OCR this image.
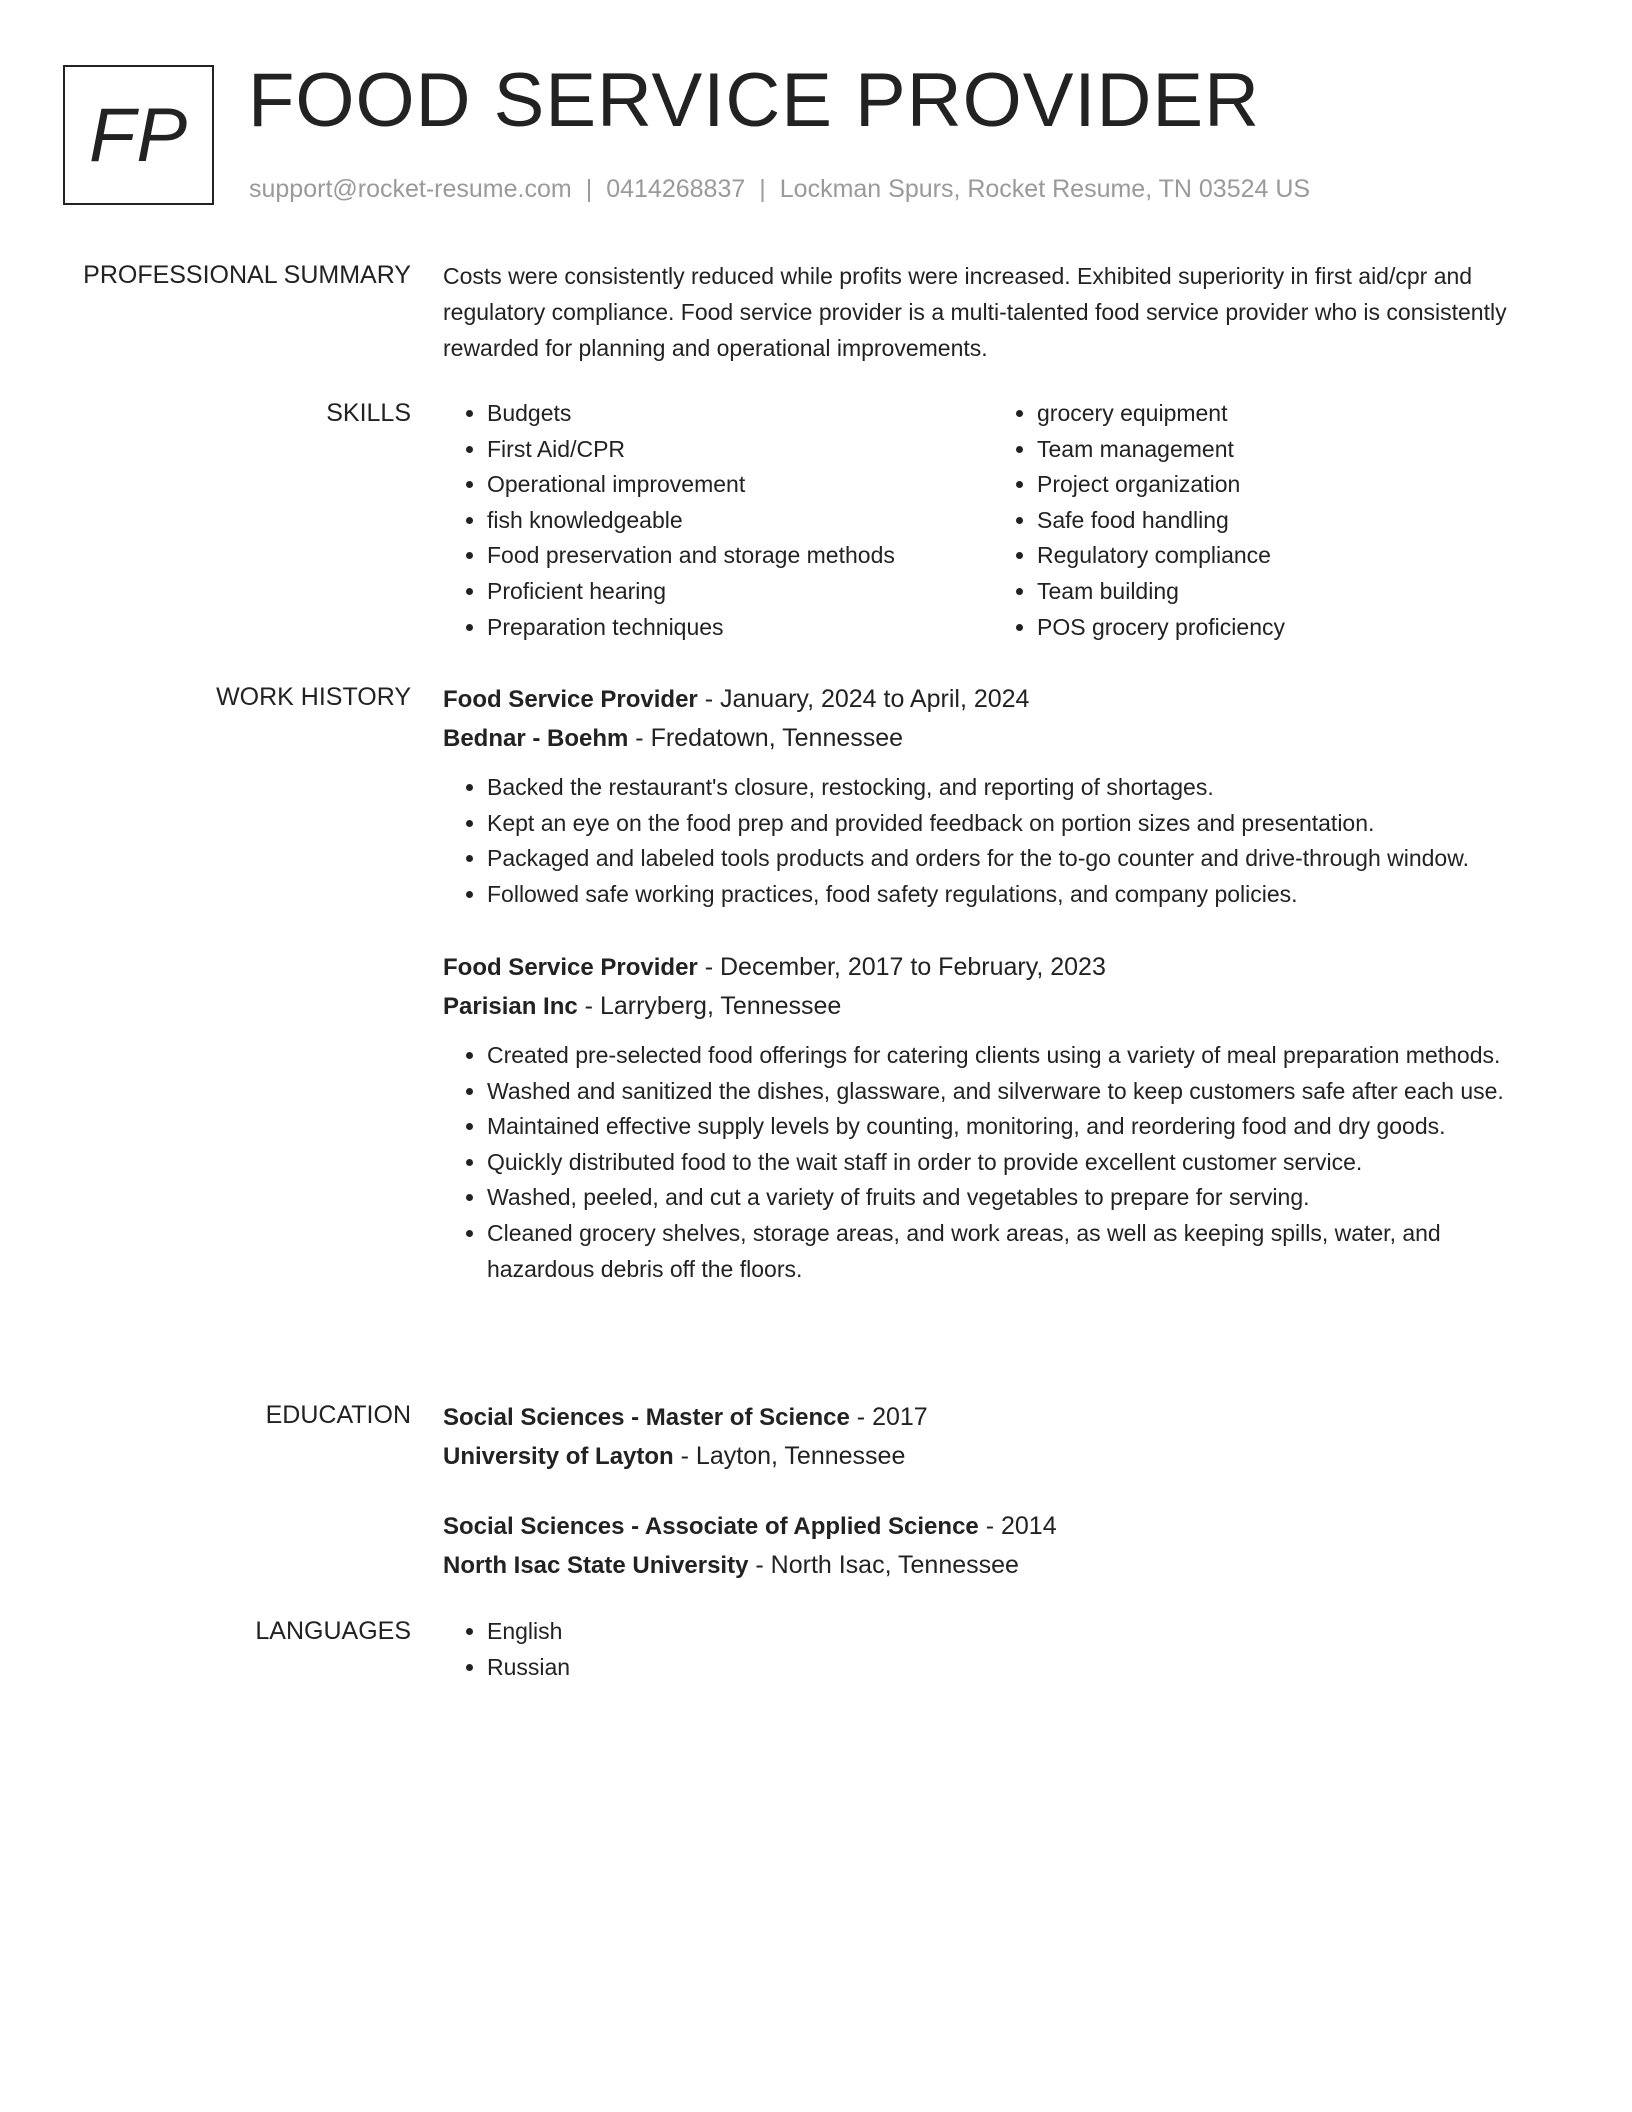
FP FOOD SERVICE PROVIDER
support@rocket-resume.com | 0414268837 | Lockman Spurs, Rocket Resume, TN 03524 US
PROFESSIONAL SUMMARY Costs were consistently reduced while profits were increased. Exhibited superiority in first aid/cpr and regulatory compliance. Food service provider is a multi-talented food service provider who is consistently rewarded for planning and operational improvements.

SKILLS	• Budgets
• First Aid/CPR
• Operational improvement
• fish knowledgeable
• Food preservation and storage methods
• Proficient hearing
• Preparation techniques
• grocery equipment
• Team management
• Project organization
• Safe food handling
• Regulatory compliance
• Team building
• POS grocery proficiency
WORK HISTORY Food Service Provider - January, 2024 to April, 2024

Bednar - Boehm - Fredatown, Tennessee

• Backed the restaurant's closure, restocking, and reporting of shortages.
• Kept an eye on the food prep and provided feedback on portion sizes and presentation.
• Packaged and labeled tools products and orders for the to-go counter and drive-through window.
• Followed safe working practices, food safety regulations, and company policies.

Food Service Provider - December, 2017 to February, 2023

Parisian Inc - Larryberg, Tennessee

• Created pre-selected food offerings for catering clients using a variety of meal preparation methods.
• Washed and sanitized the dishes, glassware, and silverware to keep customers safe after each use.
• Maintained effective supply levels by counting, monitoring, and reordering food and dry goods.
• Quickly distributed food to the wait staff in order to provide excellent customer service.
• Washed, peeled, and cut a variety of fruits and vegetables to prepare for serving.
• Cleaned grocery shelves, storage areas, and work areas, as well as keeping spills, water, and hazardous debris off the floors.
EDUCATION Social Sciences - Master of Science - 2017

University of Layton - Layton, Tennessee

Social Sciences - Associate of Applied Science - 2014

North Isac State University - North Isac, Tennessee

LANGUAGES	• English
• Russian
